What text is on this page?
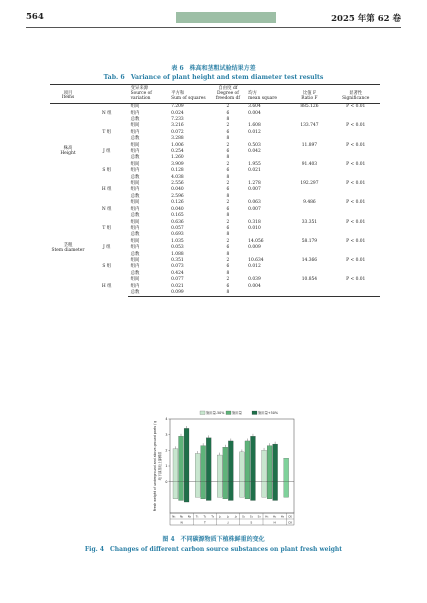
564	2025 年第 62 卷
表 6　株高和茎粗试验结果方差
Tab. 6　Variance of plant height and stem diameter test results
项目
Items		变异来源
Source of variation	平方和
Sum of squares	自由度 df
Degree of freedom df	均方
mean square	比值 F
Ratio F	显著性
Significance

株高
Height	N 组	组间	7.209	2	3.604	885.126	P < 0.01
		组内	0.024	6	0.004		
		总数	7.233	8			
	T 组	组间	3.216	2	1.608	133.747	P < 0.01
		组内	0.072	6	0.012		
		总数	3.288	8			
	J 组	组间	1.006	2	0.503	11.897	P < 0.01
		组内	0.254	6	0.042		
		总数	1.260	8			
	S 组	组间	3.909	2	1.955	91.403	P < 0.01
		组内	0.128	6	0.021		
		总数	4.038	8			
	H 组	组间	2.556	2	1.278	192.297	P < 0.01
		组内	0.040	6	0.007		
		总数	2.596	8			

茎粗
Stem diameter	N 组	组间	0.126	2	0.063	9.486	P < 0.01
		组内	0.040	6	0.007		
		总数	0.165	8			
	T 组	组间	0.636	2	0.318	33.351	P < 0.01
		组内	0.057	6	0.010		
		总数	0.693	8			
	J 组	组间	1.035	2	14.056	58.179	P < 0.01
		组内	0.053	6	0.009		
		总数	1.088	8			
	S 组	组间	0.351	2	10.634	14.366	P < 0.01
		组内	0.073	6	0.012		
		总数	0.424	8			
	H 组	组间	0.077	2	0.039	10.854	P < 0.01
		组内	0.021	6	0.004		
		总数	0.099	8			
施用量-50% 施用量	施用量+50%
0
1
2
3
4
Fresh weight of underground and above-ground parts / g 地下部及地上部鲜重
N₁ N₂ N₃	T₁	T₂	T₃	J₁	J₂	J₃ S₁ S₂ S₃ H₁ H₂ H₃ CK
N	T	J	S	H	CK
图 4　不同碳源物质下植株鲜重的变化
Fig. 4　Changes of different carbon source substances on plant fresh weight
